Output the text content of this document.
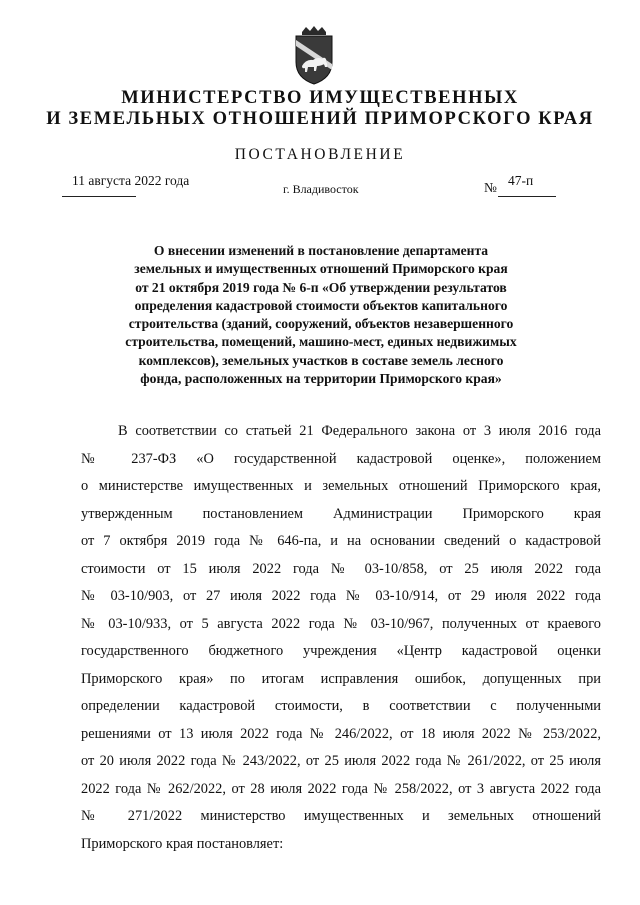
МИНИСТЕРСТВО ИМУЩЕСТВЕННЫХ
И ЗЕМЕЛЬНЫХ ОТНОШЕНИЙ ПРИМОРСКОГО КРАЯ
ПОСТАНОВЛЕНИЕ
11 августа 2022 года
г. Владивосток	№ 47-п
О внесении изменений в постановление департамента
земельных и имущественных отношений Приморского края
от 21 октября 2019 года № 6-п «Об утверждении результатов
определения кадастровой стоимости объектов капитального
строительства (зданий, сооружений, объектов незавершенного
строительства, помещений, машино-мест, единых недвижимых
комплексов), земельных участков в составе земель лесного
фонда, расположенных на территории Приморского края»
В соответствии со статьей 21 Федерального закона от 3 июля 2016 года
№ 237-ФЗ «О государственной кадастровой оценке», положением
о министерстве имущественных и земельных отношений Приморского края,
утвержденным постановлением Администрации Приморского края
от 7 октября 2019 года № 646-па, и на основании сведений о кадастровой
стоимости от 15 июля 2022 года № 03-10/858, от 25 июля 2022 года
№ 03-10/903, от 27 июля 2022 года № 03-10/914, от 29 июля 2022 года
№ 03-10/933, от 5 августа 2022 года № 03-10/967, полученных от краевого
государственного бюджетного учреждения «Центр кадастровой оценки
Приморского края» по итогам исправления ошибок, допущенных при
определении кадастровой стоимости, в соответствии с полученными
решениями от 13 июля 2022 года № 246/2022, от 18 июля 2022 № 253/2022,
от 20 июля 2022 года № 243/2022, от 25 июля 2022 года № 261/2022, от 25 июля
2022 года № 262/2022, от 28 июля 2022 года № 258/2022, от 3 августа 2022 года
№ 271/2022 министерство имущественных и земельных отношений
Приморского края постановляет:
